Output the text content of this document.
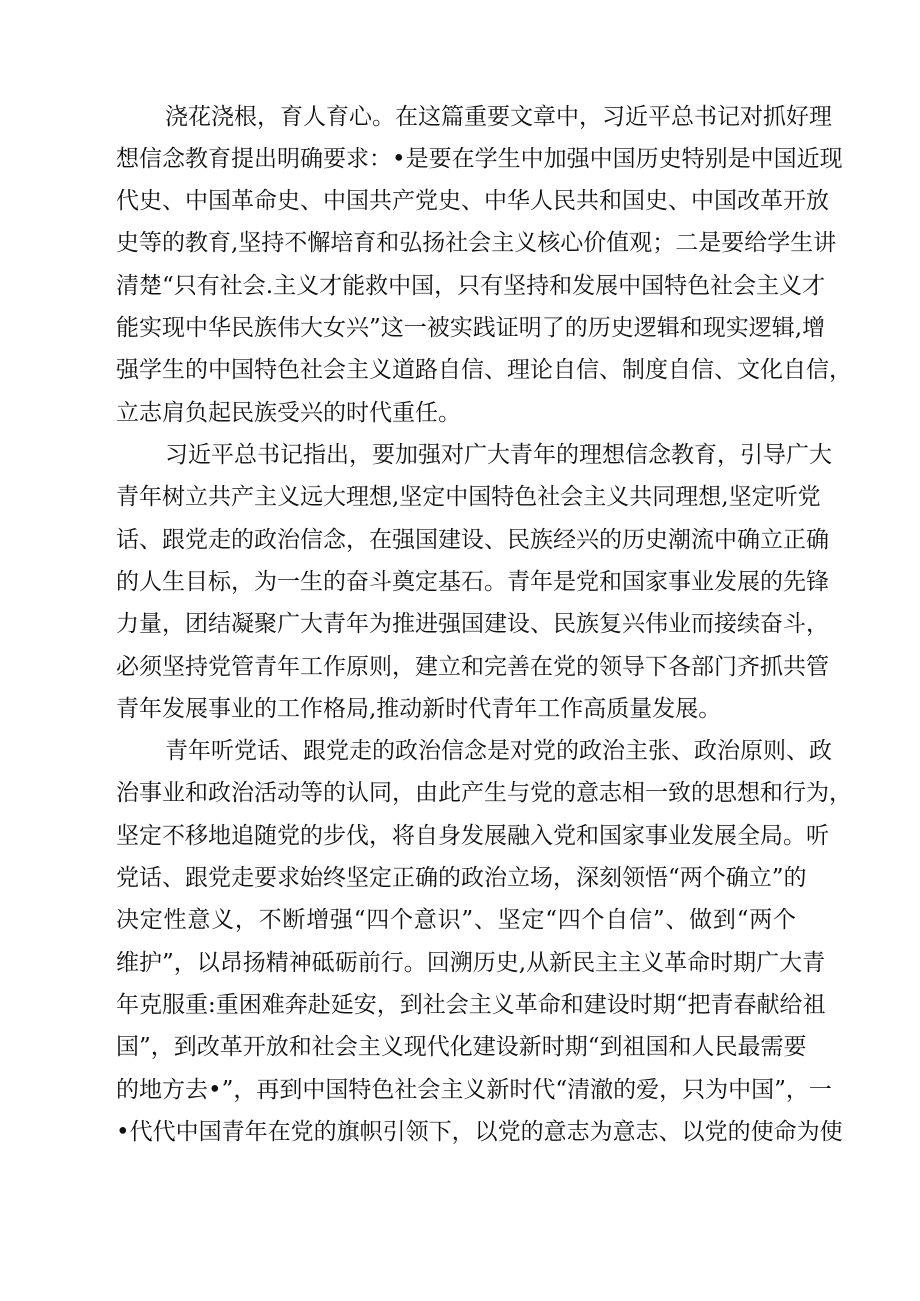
浇花浇根，育人育心。在这篇重要文章中，习近平总书记对抓好理
想信念教育提出明确要求：•是要在学生中加强中国历史特别是中国近现
代史、中国革命史、中国共产党史、中华人民共和国史、中国改革开放
史等的教育,坚持不懈培育和弘扬社会主义核心价值观；二是要给学生讲
清楚“只有社会.主义才能救中国，只有坚持和发展中国特色社会主义才
能实现中华民族伟大女兴”这一被实践证明了的历史逻辑和现实逻辑,增
强学生的中国特色社会主义道路自信、理论自信、制度自信、文化自信，
立志肩负起民族受兴的时代重任。
习近平总书记指出，要加强对广大青年的理想信念教育，引导广大
青年树立共产主义远大理想,坚定中国特色社会主义共同理想,坚定听党
话、跟党走的政治信念，在强国建设、民族经兴的历史潮流中确立正确
的人生目标，为一生的奋斗奠定基石。青年是党和国家事业发展的先锋
力量，团结凝聚广大青年为推进强国建设、民族复兴伟业而接续奋斗，
必须坚持党管青年工作原则，建立和完善在党的领导下各部门齐抓共管
青年发展事业的工作格局,推动新时代青年工作高质量发展。
青年听党话、跟党走的政治信念是对党的政治主张、政治原则、政
治事业和政治活动等的认同，由此产生与党的意志相一致的思想和行为，
坚定不移地追随党的步伐，将自身发展融入党和国家事业发展全局。听
党话、跟党走要求始终坚定正确的政治立场，深刻领悟“两个确立”的
决定性意义，不断增强“四个意识”、坚定“四个自信”、做到“两个
维护”，以昂扬精神砥砺前行。回溯历史,从新民主主义革命时期广大青
年克服重:重困难奔赴延安，到社会主义革命和建设时期“把青春献给祖
国”，到改革开放和社会主义现代化建设新时期“到祖国和人民最需要
的地方去•”，再到中国特色社会主义新时代“清澈的爱，只为中国”，一
•代代中国青年在党的旗帜引领下，以党的意志为意志、以党的使命为使
